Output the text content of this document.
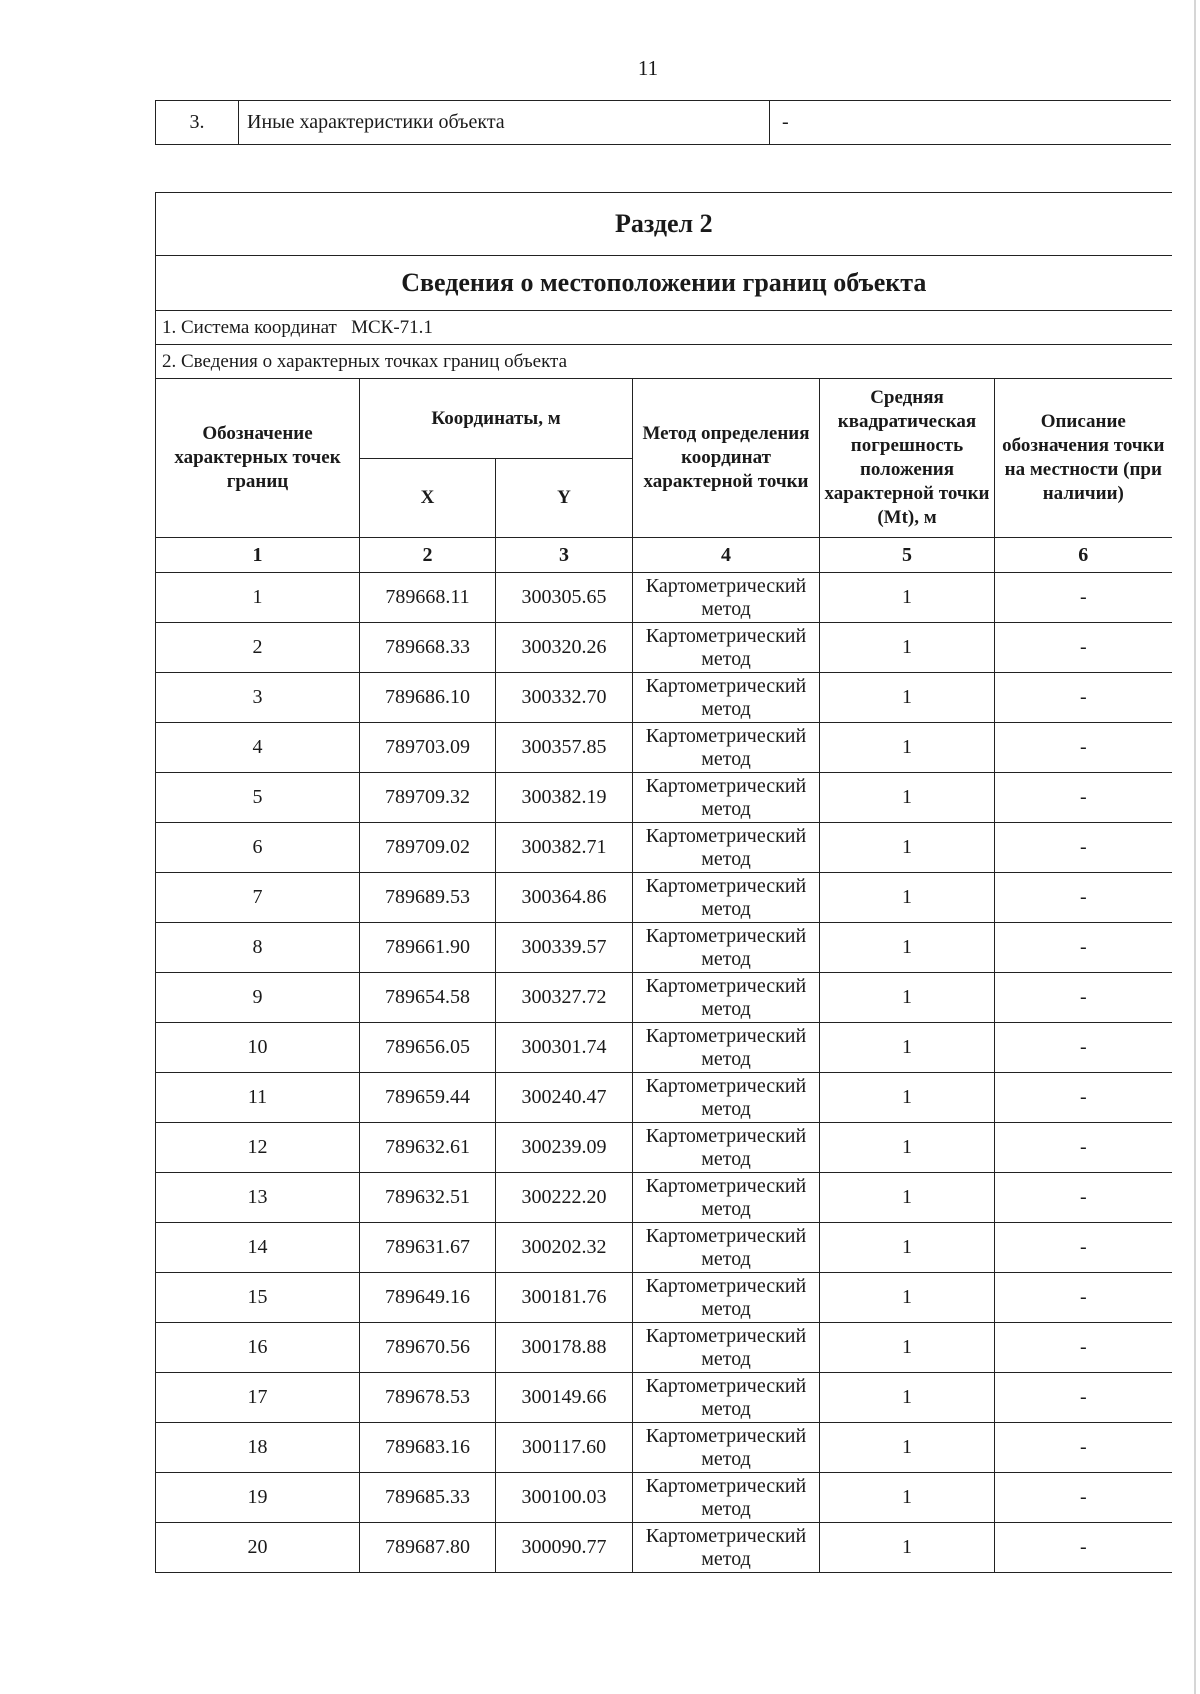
11
3.	Иные характеристики объекта	-
Раздел 2					
Сведения о местоположении границ объекта					
1. Система координат МСК-71.1					
2. Сведения о характерных точках границ объекта					
Обозначение характерных точек границ	Координаты, м		Метод определения координат характерной точки	Средняя квадратическая погрешность положения характерной точки (Mt), м	Описание обозначения точки на местности (при наличии)
	X	Y			
1	2	3	4	5	6
1	789668.11	300305.65	Картометрический метод	1	-
2	789668.33	300320.26	Картометрический метод	1	-
3	789686.10	300332.70	Картометрический метод	1	-
4	789703.09	300357.85	Картометрический метод	1	-
5	789709.32	300382.19	Картометрический метод	1	-
6	789709.02	300382.71	Картометрический метод	1	-
7	789689.53	300364.86	Картометрический метод	1	-
8	789661.90	300339.57	Картометрический метод	1	-
9	789654.58	300327.72	Картометрический метод	1	-
10	789656.05	300301.74	Картометрический метод	1	-
11	789659.44	300240.47	Картометрический метод	1	-
12	789632.61	300239.09	Картометрический метод	1	-
13	789632.51	300222.20	Картометрический метод	1	-
14	789631.67	300202.32	Картометрический метод	1	-
15	789649.16	300181.76	Картометрический метод	1	-
16	789670.56	300178.88	Картометрический метод	1	-
17	789678.53	300149.66	Картометрический метод	1	-
18	789683.16	300117.60	Картометрический метод	1	-
19	789685.33	300100.03	Картометрический метод	1	-
20	789687.80	300090.77	Картометрический метод	1	-
